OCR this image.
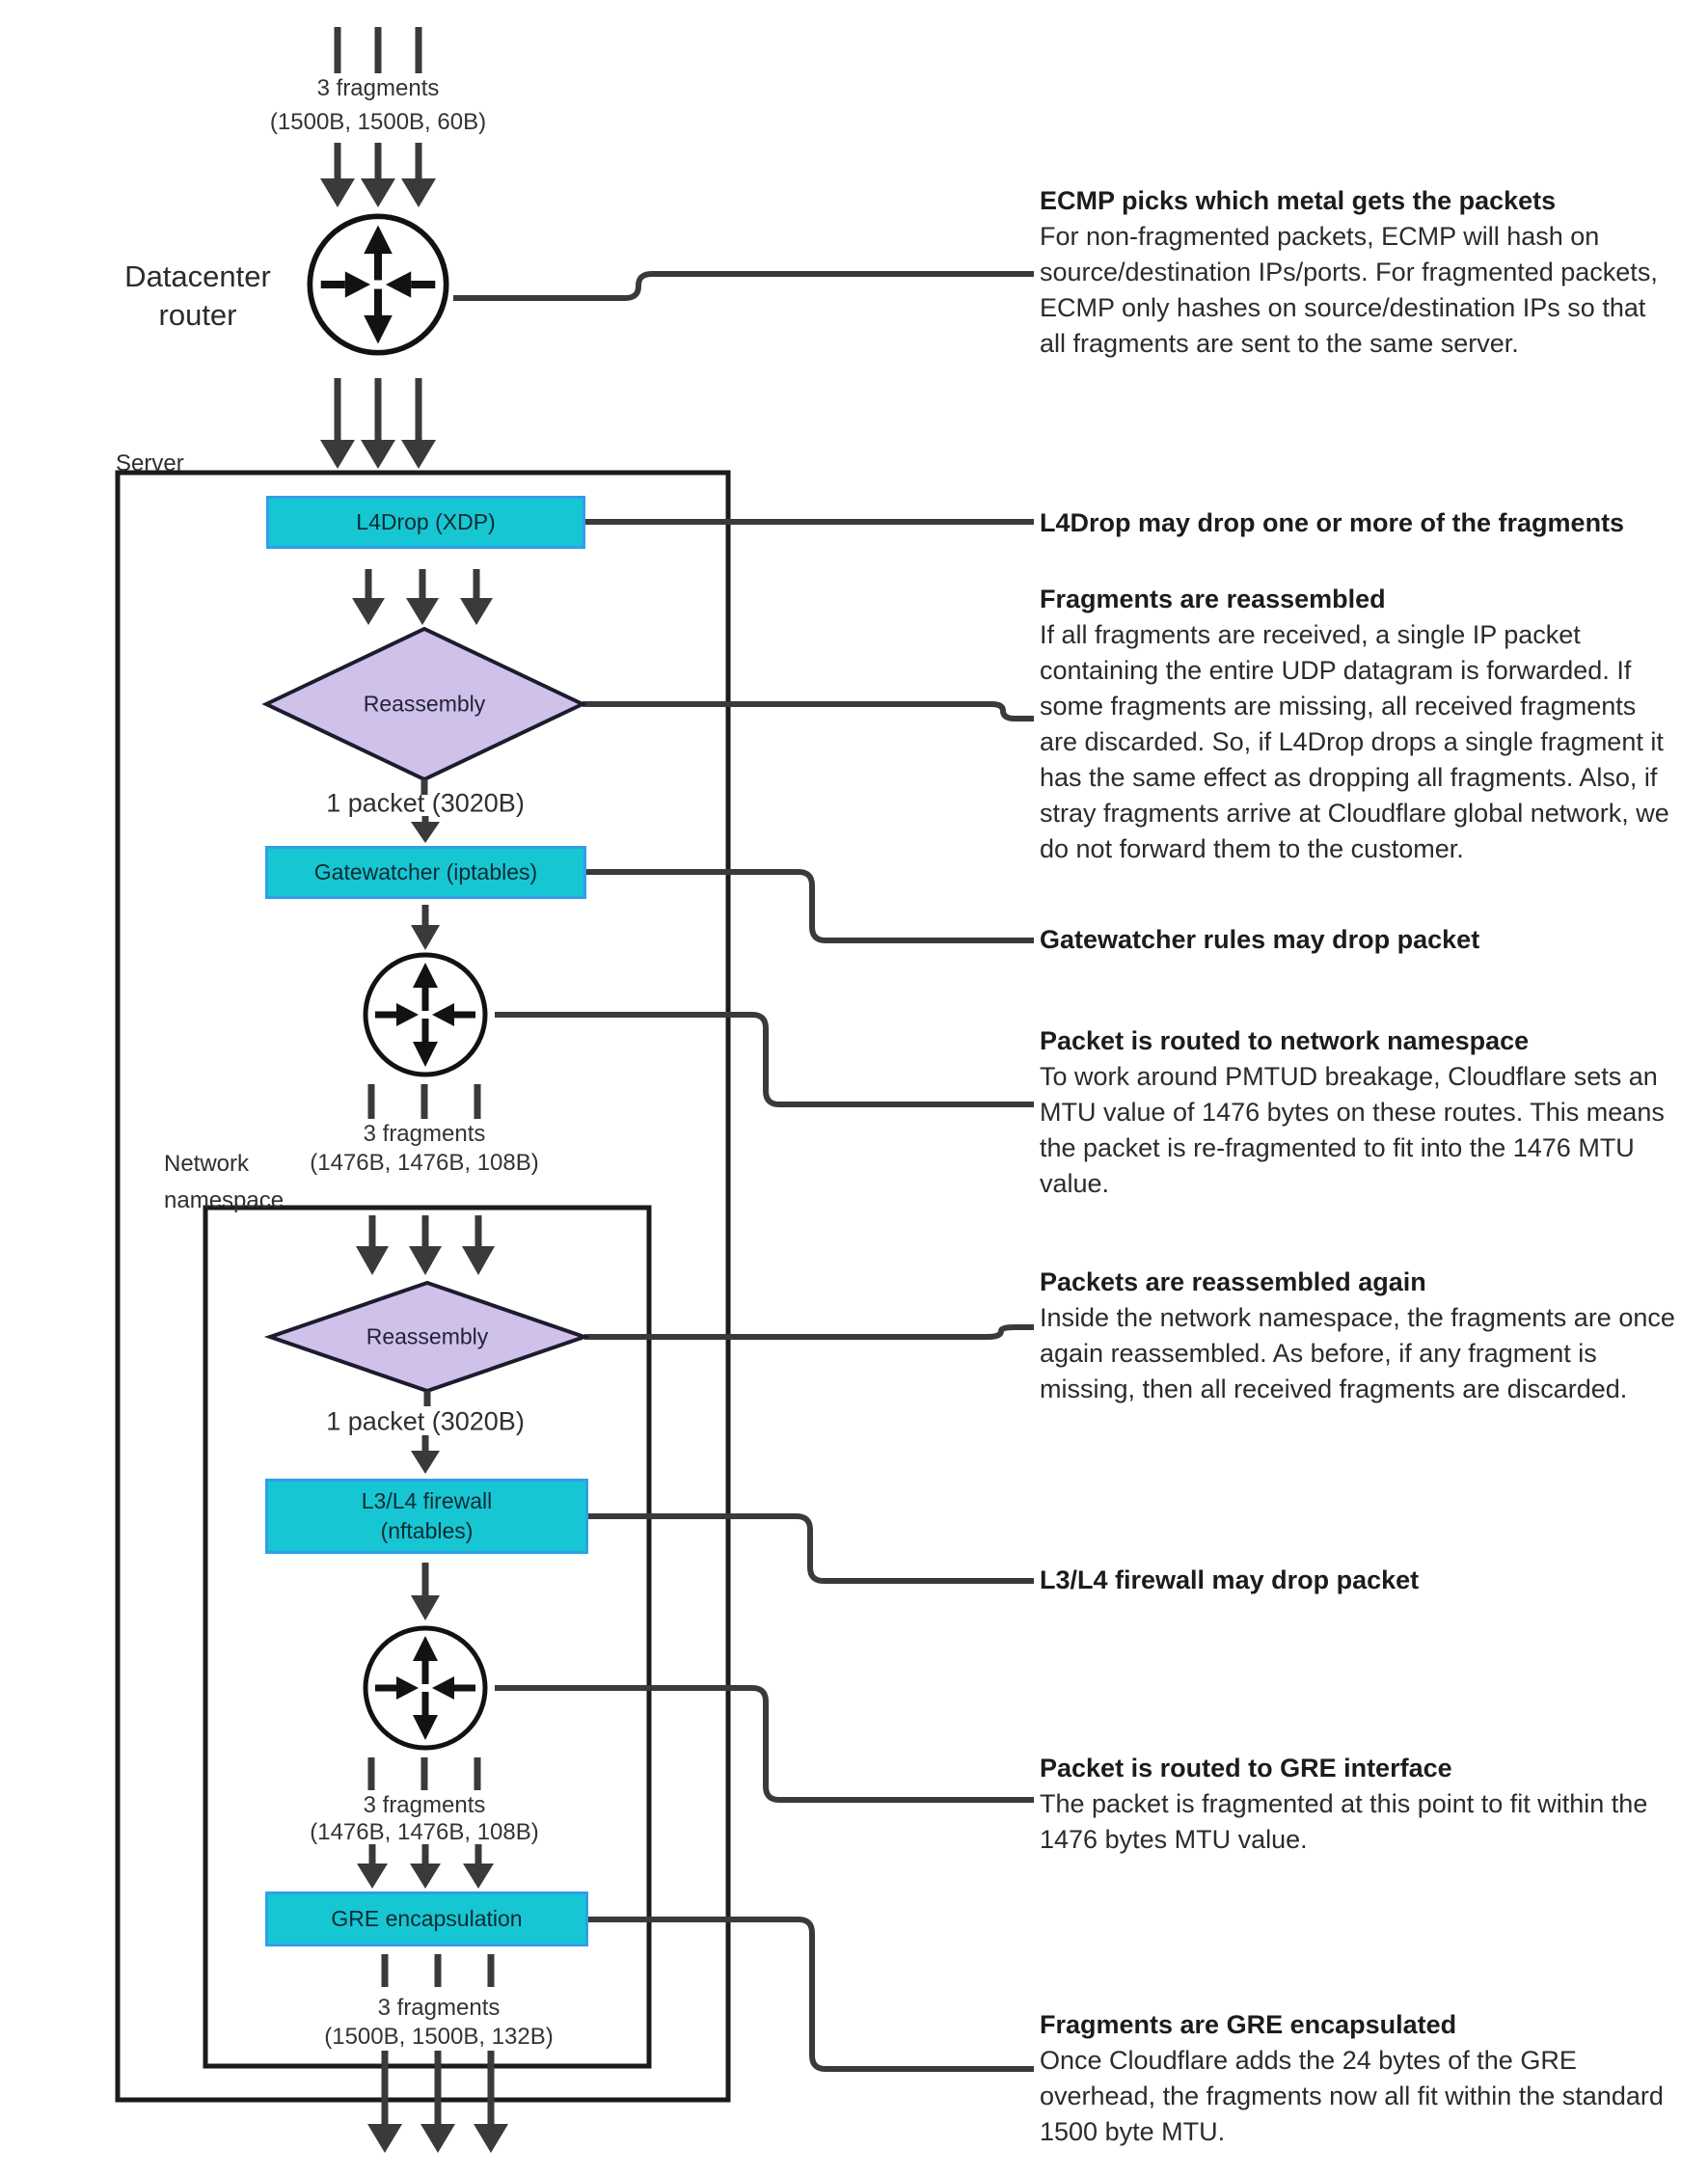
Datacenter
router
Server
Network
namespace
3 fragments
(1500B, 1500B, 60B)
1 packet (3020B)
3 fragments
(1476B, 1476B, 108B)
1 packet (3020B)
3 fragments
(1476B, 1476B, 108B)
3 fragments
(1500B, 1500B, 132B)
L4Drop (XDP)
Reassembly
Gatewatcher (iptables)
Reassembly
L3/L4 firewall
(nftables)
GRE encapsulation
ECMP picks which metal gets the packets
For non-fragmented packets, ECMP will hash on source/destination IPs/ports. For fragmented packets, ECMP only hashes on source/destination IPs so that all fragments are sent to the same server.
L4Drop may drop one or more of the fragments
Fragments are reassembled
If all fragments are received, a single IP packet containing the entire UDP datagram is forwarded. If some fragments are missing, all received fragments are discarded. So, if L4Drop drops a single fragment it has the same effect as dropping all fragments. Also, if stray fragments arrive at Cloudflare global network, we do not forward them to the customer.
Gatewatcher rules may drop packet
Packet is routed to network namespace
To work around PMTUD breakage, Cloudflare sets an MTU value of 1476 bytes on these routes. This means the packet is re-fragmented to fit into the 1476 MTU value.
Packets are reassembled again
Inside the network namespace, the fragments are once again reassembled. As before, if any fragment is missing, then all received fragments are discarded.
L3/L4 firewall may drop packet
Packet is routed to GRE interface
The packet is fragmented at this point to fit within the 1476 bytes MTU value.
Fragments are GRE encapsulated
Once Cloudflare adds the 24 bytes of the GRE overhead, the fragments now all fit within the standard 1500 byte MTU.
